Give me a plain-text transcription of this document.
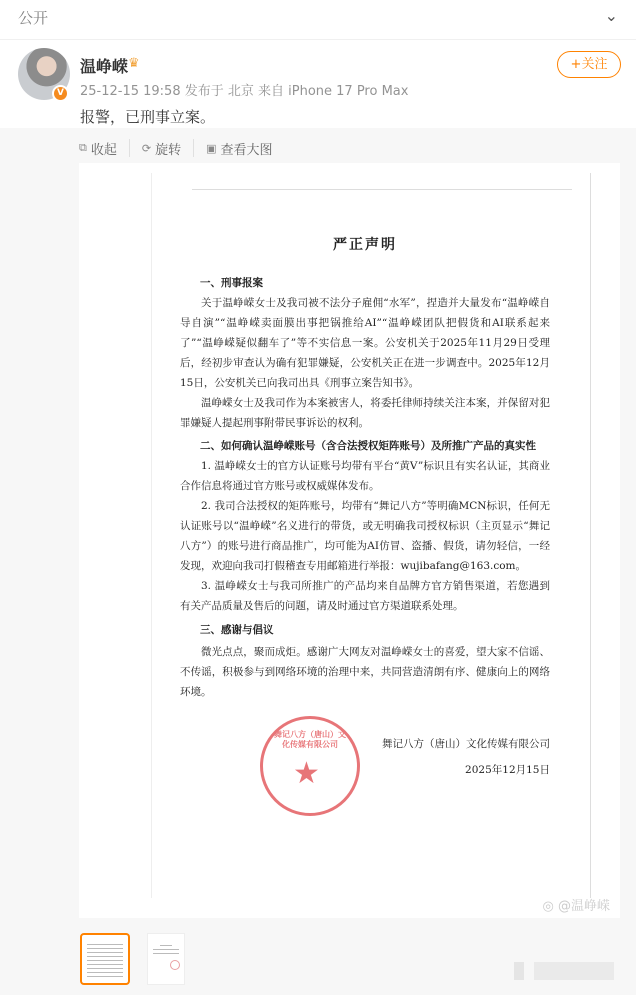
公开	⌄
V
温峥嵘 ♛
25-12-15 19:58 发布于 北京 来自 iPhone 17 Pro Max
报警，已刑事立案。
+关注
⧉ 收起 ⟳ 旋转 ▣ 查看大图
严正声明
一、刑事报案
关于温峥嵘女士及我司被不法分子雇佣“水军”，捏造并大量发布“温峥嵘自导自演”“温峥嵘卖面膜出事把锅推给AI”“温峥嵘团队把假货和AI联系起来了”“温峥嵘疑似翻车了”等不实信息一案。公安机关于2025年11月29日受理后，经初步审查认为确有犯罪嫌疑，公安机关正在进一步调查中。2025年12月15日，公安机关已向我司出具《刑事立案告知书》。
温峥嵘女士及我司作为本案被害人，将委托律师持续关注本案，并保留对犯罪嫌疑人提起刑事附带民事诉讼的权利。
二、如何确认温峥嵘账号（含合法授权矩阵账号）及所推广产品的真实性
1. 温峥嵘女士的官方认证账号均带有平台“黄V”标识且有实名认证，其商业合作信息将通过官方账号或权威媒体发布。
2. 我司合法授权的矩阵账号，均带有“舞记八方”等明确MCN标识，任何无认证账号以“温峥嵘”名义进行的带货，或无明确我司授权标识（主页显示“舞记八方”）的账号进行商品推广，均可能为AI仿冒、盗播、假货，请勿轻信，一经发现，欢迎向我司打假稽查专用邮箱进行举报：wujibafang@163.com。
3. 温峥嵘女士与我司所推广的产品均来自品牌方官方销售渠道，若您遇到有关产品质量及售后的问题，请及时通过官方渠道联系处理。
三、感谢与倡议
微光点点，聚而成炬。感谢广大网友对温峥嵘女士的喜爱，望大家不信谣、不传谣，积极参与到网络环境的治理中来，共同营造清朗有序、健康向上的网络环境。
舞记八方（唐山）文化传媒有限公司
★
舞记八方（唐山）文化传媒有限公司
2025年12月15日
◎ @温峥嵘
